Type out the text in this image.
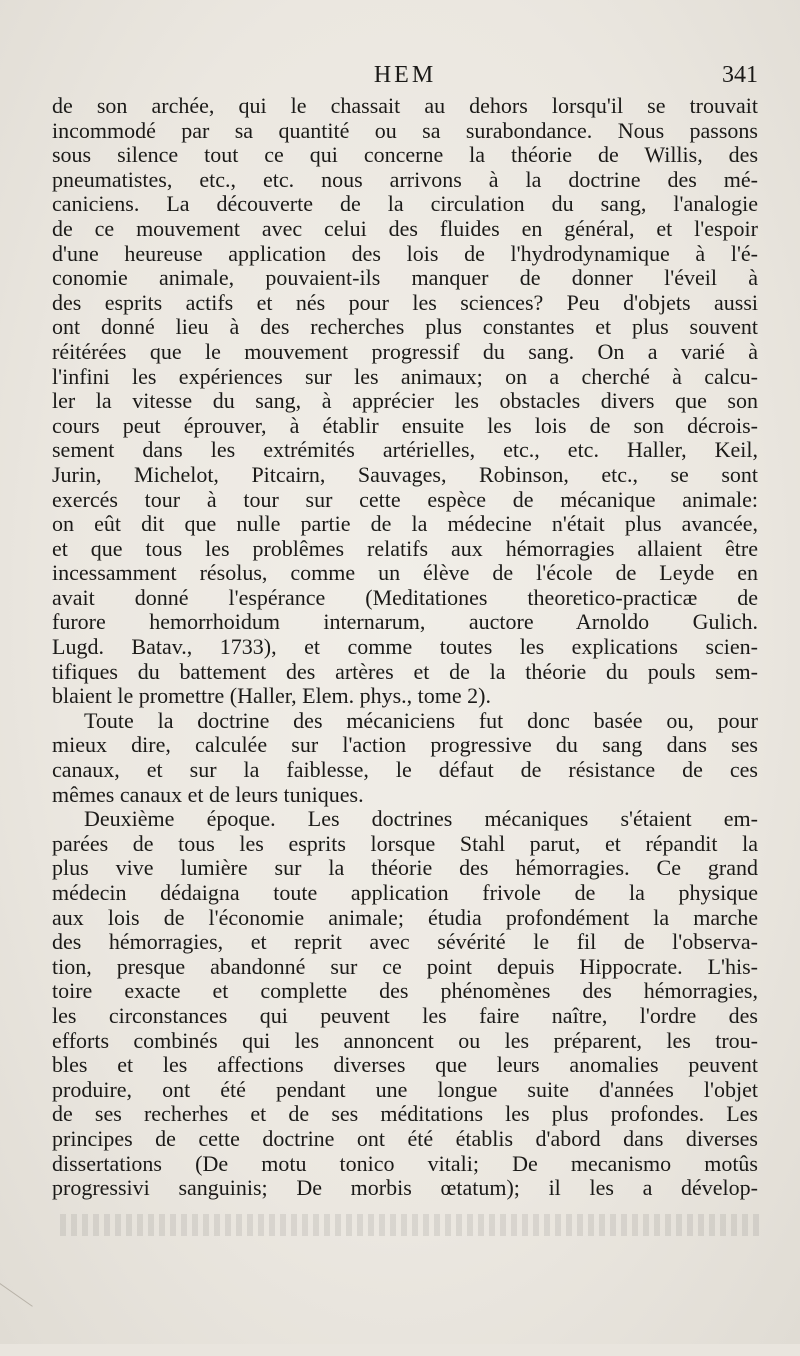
HEM	341
de son archée, qui le chassait au dehors lorsqu'il se trouvait
incommodé par sa quantité ou sa surabondance. Nous passons
sous silence tout ce qui concerne la théorie de Willis, des
pneumatistes, etc., etc. nous arrivons à la doctrine des mé-
caniciens. La découverte de la circulation du sang, l'analogie
de ce mouvement avec celui des fluides en général, et l'espoir
d'une heureuse application des lois de l'hydrodynamique à l'é-
conomie animale, pouvaient-ils manquer de donner l'éveil à
des esprits actifs et nés pour les sciences? Peu d'objets aussi
ont donné lieu à des recherches plus constantes et plus souvent
réitérées que le mouvement progressif du sang. On a varié à
l'infini les expériences sur les animaux; on a cherché à calcu-
ler la vitesse du sang, à apprécier les obstacles divers que son
cours peut éprouver, à établir ensuite les lois de son décrois-
sement dans les extrémités artérielles, etc., etc. Haller, Keil,
Jurin, Michelot, Pitcairn, Sauvages, Robinson, etc., se sont
exercés tour à tour sur cette espèce de mécanique animale:
on eût dit que nulle partie de la médecine n'était plus avancée,
et que tous les problêmes relatifs aux hémorragies allaient être
incessamment résolus, comme un élève de l'école de Leyde en
avait donné l'espérance (Meditationes theoretico-practicæ de
furore hemorrhoidum internarum, auctore Arnoldo Gulich.
Lugd. Batav., 1733), et comme toutes les explications scien-
tifiques du battement des artères et de la théorie du pouls sem-
blaient le promettre (Haller, Elem. phys., tome 2).
Toute la doctrine des mécaniciens fut donc basée ou, pour
mieux dire, calculée sur l'action progressive du sang dans ses
canaux, et sur la faiblesse, le défaut de résistance de ces
mêmes canaux et de leurs tuniques.
Deuxième époque. Les doctrines mécaniques s'étaient em-
parées de tous les esprits lorsque Stahl parut, et répandit la
plus vive lumière sur la théorie des hémorragies. Ce grand
médecin dédaigna toute application frivole de la physique
aux lois de l'économie animale; étudia profondément la marche
des hémorragies, et reprit avec sévérité le fil de l'observa-
tion, presque abandonné sur ce point depuis Hippocrate. L'his-
toire exacte et complette des phénomènes des hémorragies,
les circonstances qui peuvent les faire naître, l'ordre des
efforts combinés qui les annoncent ou les préparent, les trou-
bles et les affections diverses que leurs anomalies peuvent
produire, ont été pendant une longue suite d'années l'objet
de ses recherhes et de ses méditations les plus profondes. Les
principes de cette doctrine ont été établis d'abord dans diverses
dissertations (De motu tonico vitali; De mecanismo motûs
progressivi sanguinis; De morbis œtatum); il les a dévelop-
